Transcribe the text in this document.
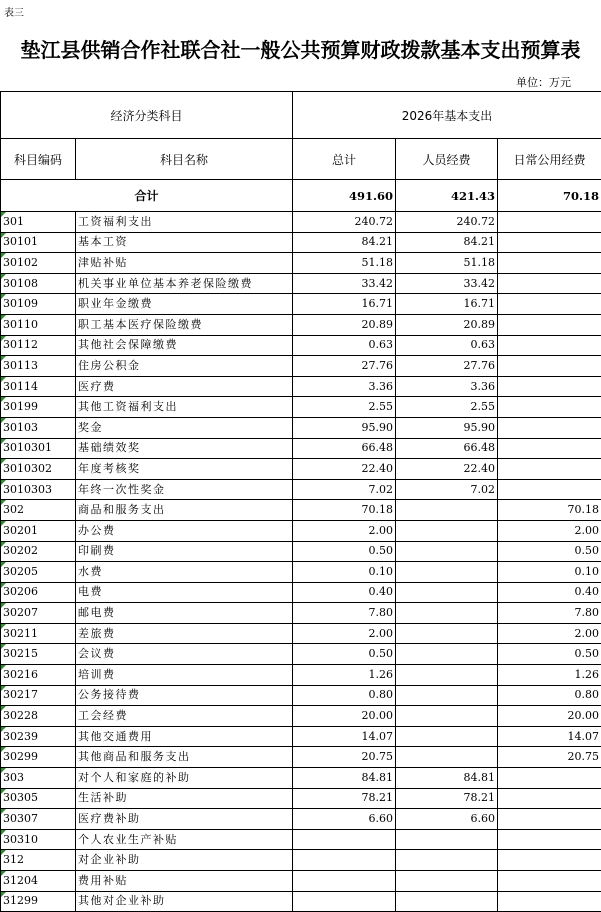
表三
垫江县供销合作社联合社一般公共预算财政拨款基本支出预算表
单位：万元
经济分类科目		2026年基本支出		
科目编码	科目名称	总计	人员经费	日常公用经费
合计		491.60	421.43	70.18
301	工资福利支出	240.72	240.72	
30101	基本工资	84.21	84.21	
30102	津贴补贴	51.18	51.18	
30108	机关事业单位基本养老保险缴费	33.42	33.42	
30109	职业年金缴费	16.71	16.71	
30110	职工基本医疗保险缴费	20.89	20.89	
30112	其他社会保障缴费	0.63	0.63	
30113	住房公积金	27.76	27.76	
30114	医疗费	3.36	3.36	
30199	其他工资福利支出	2.55	2.55	
30103	奖金	95.90	95.90	
3010301	基础绩效奖	66.48	66.48	
3010302	年度考核奖	22.40	22.40	
3010303	年终一次性奖金	7.02	7.02	
302	商品和服务支出	70.18		70.18
30201	办公费	2.00		2.00
30202	印刷费	0.50		0.50
30205	水费	0.10		0.10
30206	电费	0.40		0.40
30207	邮电费	7.80		7.80
30211	差旅费	2.00		2.00
30215	会议费	0.50		0.50
30216	培训费	1.26		1.26
30217	公务接待费	0.80		0.80
30228	工会经费	20.00		20.00
30239	其他交通费用	14.07		14.07
30299	其他商品和服务支出	20.75		20.75
303	对个人和家庭的补助	84.81	84.81	
30305	生活补助	78.21	78.21	
30307	医疗费补助	6.60	6.60	
30310	个人农业生产补贴			
312	对企业补助			
31204	费用补贴			
31299	其他对企业补助			
